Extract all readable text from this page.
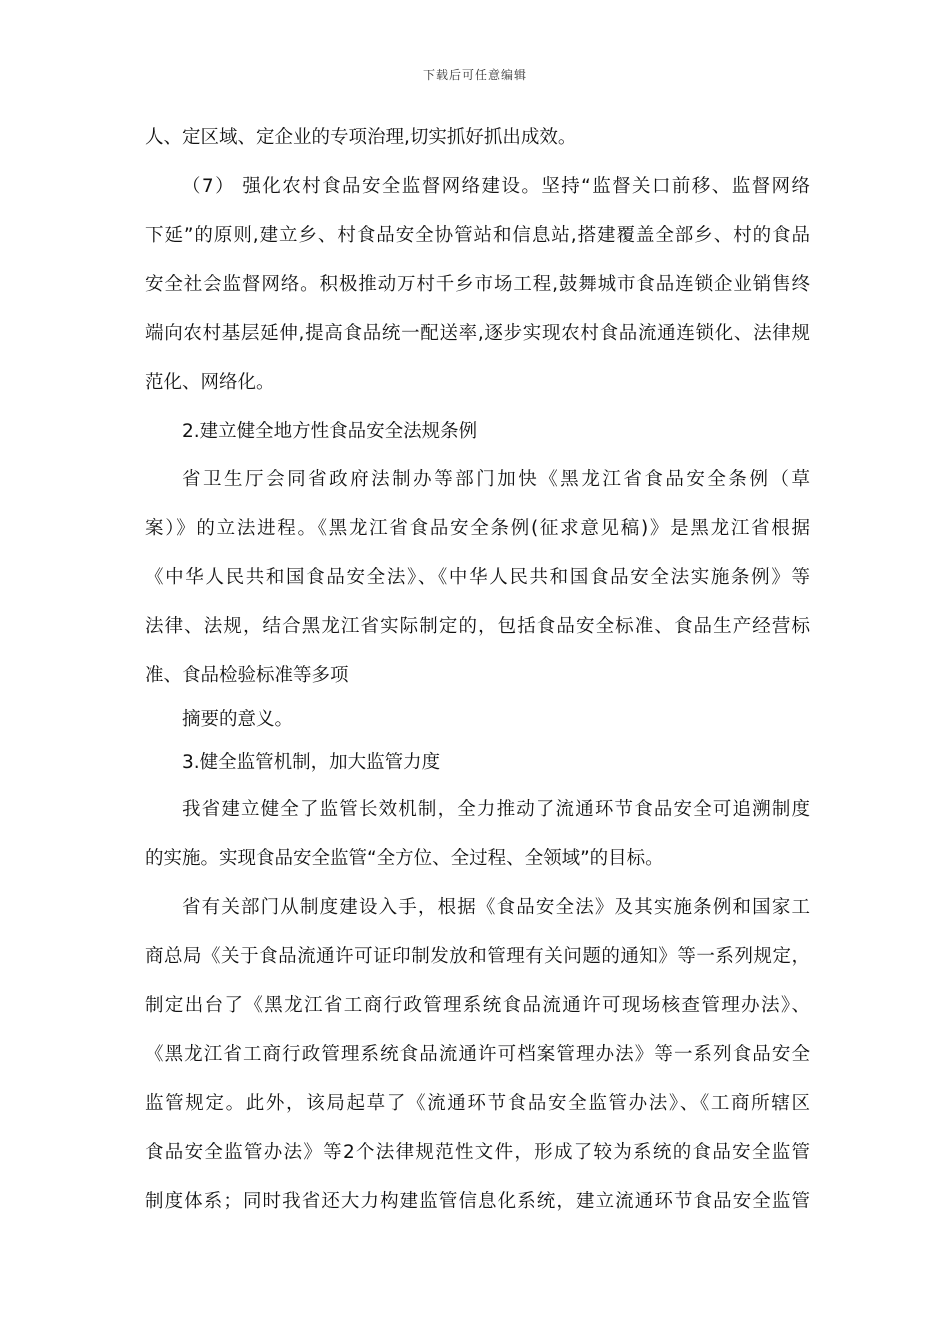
下载后可任意编辑
人、定区域、定企业的专项治理,切实抓好抓出成效。
（7） 强化农村食品安全监督网络建设。坚持“监督关口前移、监督网络
下延”的原则,建立乡、村食品安全协管站和信息站,搭建覆盖全部乡、村的食品
安全社会监督网络。积极推动万村千乡市场工程,鼓舞城市食品连锁企业销售终
端向农村基层延伸,提高食品统一配送率,逐步实现农村食品流通连锁化、法律规
范化、网络化。
2.建立健全地方性食品安全法规条例
省卫生厅会同省政府法制办等部门加快《黑龙江省食品安全条例（草
案）》的立法进程。《黑龙江省食品安全条例(征求意见稿)》是黑龙江省根据
《中华人民共和国食品安全法》、《中华人民共和国食品安全法实施条例》等
法律、法规，结合黑龙江省实际制定的，包括食品安全标准、食品生产经营标
准、食品检验标准等多项
摘要的意义。
3.健全监管机制，加大监管力度
我省建立健全了监管长效机制，全力推动了流通环节食品安全可追溯制度
的实施。实现食品安全监管“全方位、全过程、全领域”的目标。
省有关部门从制度建设入手，根据《食品安全法》及其实施条例和国家工
商总局《关于食品流通许可证印制发放和管理有关问题的通知》等一系列规定，
制定出台了《黑龙江省工商行政管理系统食品流通许可现场核查管理办法》、
《黑龙江省工商行政管理系统食品流通许可档案管理办法》等一系列食品安全
监管规定。此外，该局起草了《流通环节食品安全监管办法》、《工商所辖区
食品安全监管办法》等2个法律规范性文件，形成了较为系统的食品安全监管
制度体系；同时我省还大力构建监管信息化系统，建立流通环节食品安全监管
